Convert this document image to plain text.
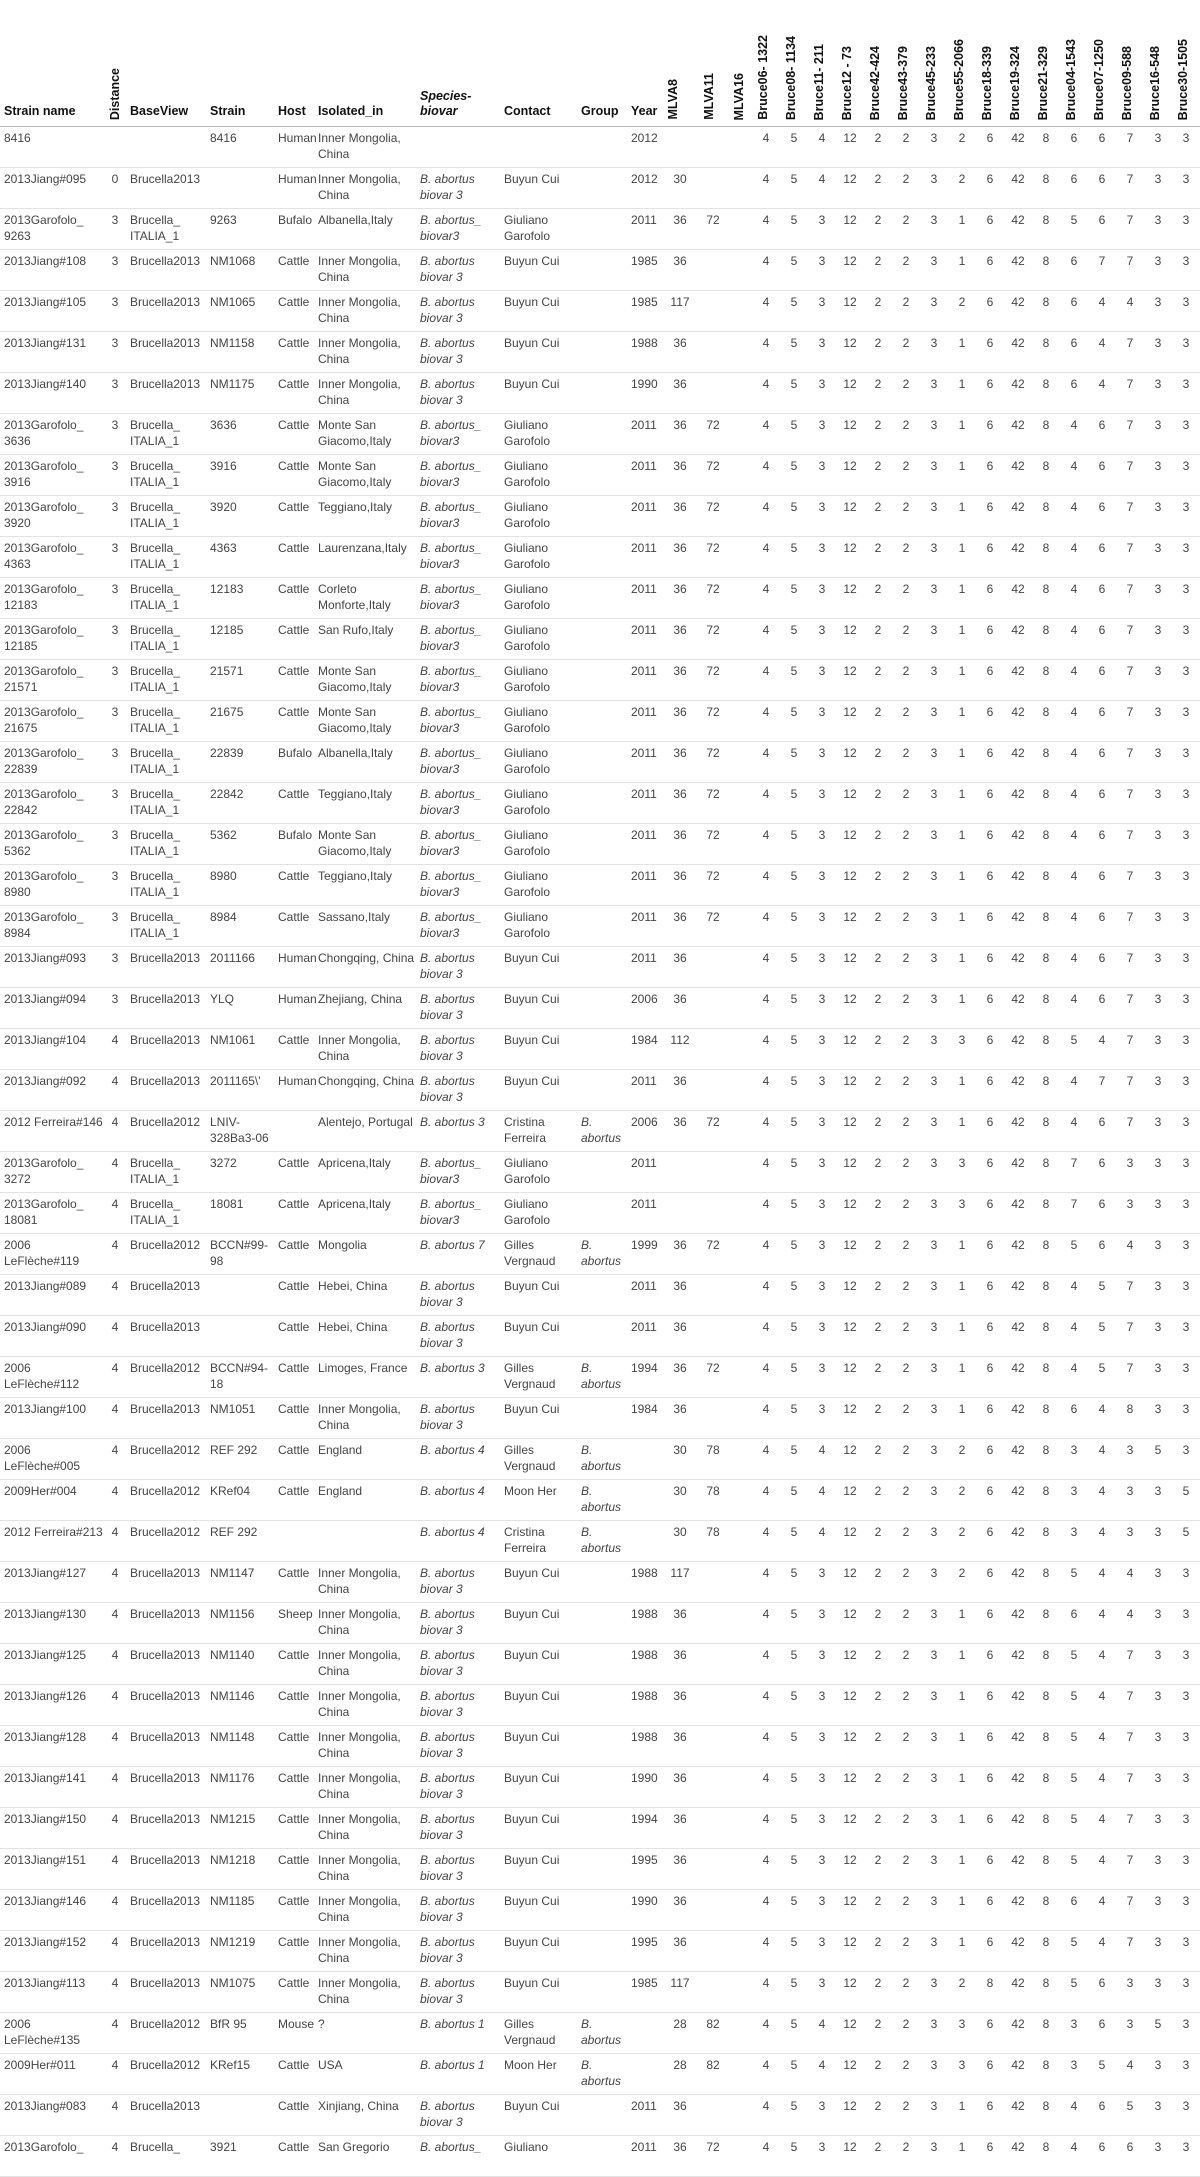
Strain name	Distance	BaseView	Strain	Host	Isolated_in	Species-biovar	Contact	Group	Year	MLVA8	MLVA11	MLVA16	Bruce06- 1322	Bruce08- 1134	Bruce11- 211	Bruce12 - 73	Bruce42-424	Bruce43-379	Bruce45-233	Bruce55-2066	Bruce18-339	Bruce19-324	Bruce21-329	Bruce04-1543	Bruce07-1250	Bruce09-588	Bruce16-548	Bruce30-1505

8416			8416	Human	Inner Mongolia, China				2012				4	5	4	12	2	2	3	2	6	42	8	6	6	7	3	3
2013Jiang#095	0	Brucella2013		Human	Inner Mongolia, China	B. abortus biovar 3	Buyun Cui		2012	30			4	5	4	12	2	2	3	2	6	42	8	6	6	7	3	3
2013Garofolo_ 9263	3	Brucella_ ITALIA_1	9263	Bufalo	Albanella,Italy	B. abortus_ biovar3	Giuliano Garofolo		2011	36	72		4	5	3	12	2	2	3	1	6	42	8	5	6	7	3	3
2013Jiang#108	3	Brucella2013	NM1068	Cattle	Inner Mongolia, China	B. abortus biovar 3	Buyun Cui		1985	36			4	5	3	12	2	2	3	1	6	42	8	6	7	7	3	3
2013Jiang#105	3	Brucella2013	NM1065	Cattle	Inner Mongolia, China	B. abortus biovar 3	Buyun Cui		1985	117			4	5	3	12	2	2	3	2	6	42	8	6	4	4	3	3
2013Jiang#131	3	Brucella2013	NM1158	Cattle	Inner Mongolia, China	B. abortus biovar 3	Buyun Cui		1988	36			4	5	3	12	2	2	3	1	6	42	8	6	4	7	3	3
2013Jiang#140	3	Brucella2013	NM1175	Cattle	Inner Mongolia, China	B. abortus biovar 3	Buyun Cui		1990	36			4	5	3	12	2	2	3	1	6	42	8	6	4	7	3	3
2013Garofolo_ 3636	3	Brucella_ ITALIA_1	3636	Cattle	Monte San Giacomo,Italy	B. abortus_ biovar3	Giuliano Garofolo		2011	36	72		4	5	3	12	2	2	3	1	6	42	8	4	6	7	3	3
2013Garofolo_ 3916	3	Brucella_ ITALIA_1	3916	Cattle	Monte San Giacomo,Italy	B. abortus_ biovar3	Giuliano Garofolo		2011	36	72		4	5	3	12	2	2	3	1	6	42	8	4	6	7	3	3
2013Garofolo_ 3920	3	Brucella_ ITALIA_1	3920	Cattle	Teggiano,Italy	B. abortus_ biovar3	Giuliano Garofolo		2011	36	72		4	5	3	12	2	2	3	1	6	42	8	4	6	7	3	3
2013Garofolo_ 4363	3	Brucella_ ITALIA_1	4363	Cattle	Laurenzana,Italy	B. abortus_ biovar3	Giuliano Garofolo		2011	36	72		4	5	3	12	2	2	3	1	6	42	8	4	6	7	3	3
2013Garofolo_ 12183	3	Brucella_ ITALIA_1	12183	Cattle	Corleto Monforte,Italy	B. abortus_ biovar3	Giuliano Garofolo		2011	36	72		4	5	3	12	2	2	3	1	6	42	8	4	6	7	3	3
2013Garofolo_ 12185	3	Brucella_ ITALIA_1	12185	Cattle	San Rufo,Italy	B. abortus_ biovar3	Giuliano Garofolo		2011	36	72		4	5	3	12	2	2	3	1	6	42	8	4	6	7	3	3
2013Garofolo_ 21571	3	Brucella_ ITALIA_1	21571	Cattle	Monte San Giacomo,Italy	B. abortus_ biovar3	Giuliano Garofolo		2011	36	72		4	5	3	12	2	2	3	1	6	42	8	4	6	7	3	3
2013Garofolo_ 21675	3	Brucella_ ITALIA_1	21675	Cattle	Monte San Giacomo,Italy	B. abortus_ biovar3	Giuliano Garofolo		2011	36	72		4	5	3	12	2	2	3	1	6	42	8	4	6	7	3	3
2013Garofolo_ 22839	3	Brucella_ ITALIA_1	22839	Bufalo	Albanella,Italy	B. abortus_ biovar3	Giuliano Garofolo		2011	36	72		4	5	3	12	2	2	3	1	6	42	8	4	6	7	3	3
2013Garofolo_ 22842	3	Brucella_ ITALIA_1	22842	Cattle	Teggiano,Italy	B. abortus_ biovar3	Giuliano Garofolo		2011	36	72		4	5	3	12	2	2	3	1	6	42	8	4	6	7	3	3
2013Garofolo_ 5362	3	Brucella_ ITALIA_1	5362	Bufalo	Monte San Giacomo,Italy	B. abortus_ biovar3	Giuliano Garofolo		2011	36	72		4	5	3	12	2	2	3	1	6	42	8	4	6	7	3	3
2013Garofolo_ 8980	3	Brucella_ ITALIA_1	8980	Cattle	Teggiano,Italy	B. abortus_ biovar3	Giuliano Garofolo		2011	36	72		4	5	3	12	2	2	3	1	6	42	8	4	6	7	3	3
2013Garofolo_ 8984	3	Brucella_ ITALIA_1	8984	Cattle	Sassano,Italy	B. abortus_ biovar3	Giuliano Garofolo		2011	36	72		4	5	3	12	2	2	3	1	6	42	8	4	6	7	3	3
2013Jiang#093	3	Brucella2013	2011166	Human	Chongqing, China	B. abortus biovar 3	Buyun Cui		2011	36			4	5	3	12	2	2	3	1	6	42	8	4	6	7	3	3
2013Jiang#094	3	Brucella2013	YLQ	Human	Zhejiang, China	B. abortus biovar 3	Buyun Cui		2006	36			4	5	3	12	2	2	3	1	6	42	8	4	6	7	3	3
2013Jiang#104	4	Brucella2013	NM1061	Cattle	Inner Mongolia, China	B. abortus biovar 3	Buyun Cui		1984	112			4	5	3	12	2	2	3	3	6	42	8	5	4	7	3	3
2013Jiang#092	4	Brucella2013	2011165\'	Human	Chongqing, China	B. abortus biovar 3	Buyun Cui		2011	36			4	5	3	12	2	2	3	1	6	42	8	4	7	7	3	3
2012 Ferreira#146	4	Brucella2012	LNIV-328Ba3-06		Alentejo, Portugal	B. abortus 3	Cristina Ferreira	B. abortus	2006	36	72		4	5	3	12	2	2	3	1	6	42	8	4	6	7	3	3
2013Garofolo_ 3272	4	Brucella_ ITALIA_1	3272	Cattle	Apricena,Italy	B. abortus_ biovar3	Giuliano Garofolo		2011				4	5	3	12	2	2	3	3	6	42	8	7	6	3	3	3
2013Garofolo_ 18081	4	Brucella_ ITALIA_1	18081	Cattle	Apricena,Italy	B. abortus_ biovar3	Giuliano Garofolo		2011				4	5	3	12	2	2	3	3	6	42	8	7	6	3	3	3
2006 LeFlèche#119	4	Brucella2012	BCCN#99-98	Cattle	Mongolia	B. abortus 7	Gilles Vergnaud	B. abortus	1999	36	72		4	5	3	12	2	2	3	1	6	42	8	5	6	4	3	3
2013Jiang#089	4	Brucella2013		Cattle	Hebei, China	B. abortus biovar 3	Buyun Cui		2011	36			4	5	3	12	2	2	3	1	6	42	8	4	5	7	3	3
2013Jiang#090	4	Brucella2013		Cattle	Hebei, China	B. abortus biovar 3	Buyun Cui		2011	36			4	5	3	12	2	2	3	1	6	42	8	4	5	7	3	3
2006 LeFlèche#112	4	Brucella2012	BCCN#94-18	Cattle	Limoges, France	B. abortus 3	Gilles Vergnaud	B. abortus	1994	36	72		4	5	3	12	2	2	3	1	6	42	8	4	5	7	3	3
2013Jiang#100	4	Brucella2013	NM1051	Cattle	Inner Mongolia, China	B. abortus biovar 3	Buyun Cui		1984	36			4	5	3	12	2	2	3	1	6	42	8	6	4	8	3	3
2006 LeFlèche#005	4	Brucella2012	REF 292	Cattle	England	B. abortus 4	Gilles Vergnaud	B. abortus		30	78		4	5	4	12	2	2	3	2	6	42	8	3	4	3	5	3
2009Her#004	4	Brucella2012	KRef04	Cattle	England	B. abortus 4	Moon Her	B. abortus		30	78		4	5	4	12	2	2	3	2	6	42	8	3	4	3	3	5
2012 Ferreira#213	4	Brucella2012	REF 292			B. abortus 4	Cristina Ferreira	B. abortus		30	78		4	5	4	12	2	2	3	2	6	42	8	3	4	3	3	5
2013Jiang#127	4	Brucella2013	NM1147	Cattle	Inner Mongolia, China	B. abortus biovar 3	Buyun Cui		1988	117			4	5	3	12	2	2	3	2	6	42	8	5	4	4	3	3
2013Jiang#130	4	Brucella2013	NM1156	Sheep	Inner Mongolia, China	B. abortus biovar 3	Buyun Cui		1988	36			4	5	3	12	2	2	3	1	6	42	8	6	4	4	3	3
2013Jiang#125	4	Brucella2013	NM1140	Cattle	Inner Mongolia, China	B. abortus biovar 3	Buyun Cui		1988	36			4	5	3	12	2	2	3	1	6	42	8	5	4	7	3	3
2013Jiang#126	4	Brucella2013	NM1146	Cattle	Inner Mongolia, China	B. abortus biovar 3	Buyun Cui		1988	36			4	5	3	12	2	2	3	1	6	42	8	5	4	7	3	3
2013Jiang#128	4	Brucella2013	NM1148	Cattle	Inner Mongolia, China	B. abortus biovar 3	Buyun Cui		1988	36			4	5	3	12	2	2	3	1	6	42	8	5	4	7	3	3
2013Jiang#141	4	Brucella2013	NM1176	Cattle	Inner Mongolia, China	B. abortus biovar 3	Buyun Cui		1990	36			4	5	3	12	2	2	3	1	6	42	8	5	4	7	3	3
2013Jiang#150	4	Brucella2013	NM1215	Cattle	Inner Mongolia, China	B. abortus biovar 3	Buyun Cui		1994	36			4	5	3	12	2	2	3	1	6	42	8	5	4	7	3	3
2013Jiang#151	4	Brucella2013	NM1218	Cattle	Inner Mongolia, China	B. abortus biovar 3	Buyun Cui		1995	36			4	5	3	12	2	2	3	1	6	42	8	5	4	7	3	3
2013Jiang#146	4	Brucella2013	NM1185	Cattle	Inner Mongolia, China	B. abortus biovar 3	Buyun Cui		1990	36			4	5	3	12	2	2	3	1	6	42	8	6	4	7	3	3
2013Jiang#152	4	Brucella2013	NM1219	Cattle	Inner Mongolia, China	B. abortus biovar 3	Buyun Cui		1995	36			4	5	3	12	2	2	3	1	6	42	8	5	4	7	3	3
2013Jiang#113	4	Brucella2013	NM1075	Cattle	Inner Mongolia, China	B. abortus biovar 3	Buyun Cui		1985	117			4	5	3	12	2	2	3	2	8	42	8	5	6	3	3	3
2006 LeFlèche#135	4	Brucella2012	BfR 95	Mouse	?	B. abortus 1	Gilles Vergnaud	B. abortus		28	82		4	5	4	12	2	2	3	3	6	42	8	3	6	3	5	3
2009Her#011	4	Brucella2012	KRef15	Cattle	USA	B. abortus 1	Moon Her	B. abortus		28	82		4	5	4	12	2	2	3	3	6	42	8	3	5	4	3	3
2013Jiang#083	4	Brucella2013		Cattle	Xinjiang, China	B. abortus biovar 3	Buyun Cui		2011	36			4	5	3	12	2	2	3	1	6	42	8	4	6	5	3	3
2013Garofolo_	4	Brucella_	3921	Cattle	San Gregorio	B. abortus_	Giuliano		2011	36	72		4	5	3	12	2	2	3	1	6	42	8	4	6	6	3	3
